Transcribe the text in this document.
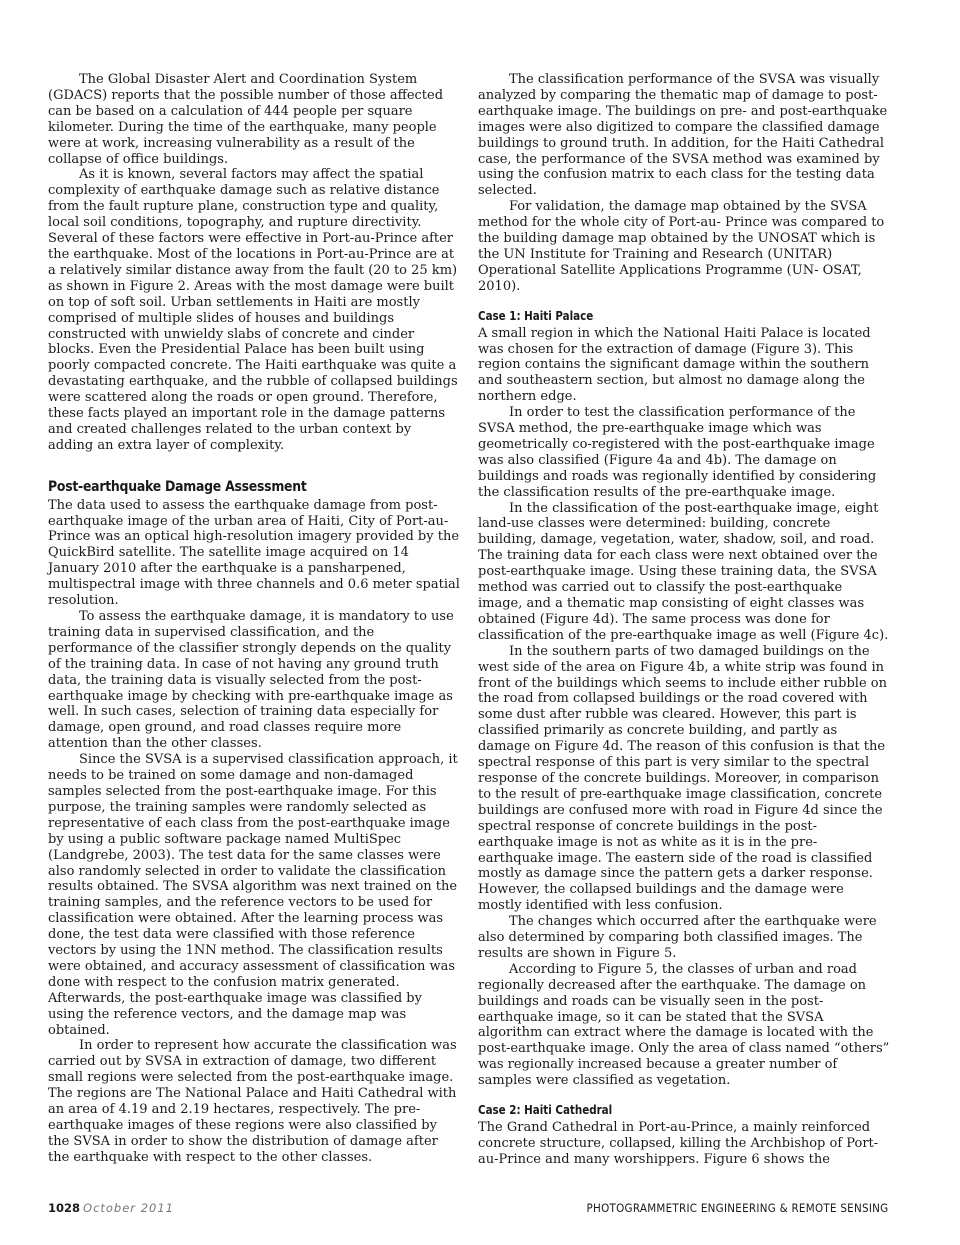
The Global Disaster Alert and Coordination System (GDACS) reports that the possible number of those affected can be based on a calculation of 444 people per square kilometer. During the time of the earthquake, many people were at work, increasing vulnerability as a result of the collapse of office buildings.

As it is known, several factors may affect the spatial complexity of earthquake damage such as relative distance from the fault rupture plane, construction type and quality, local soil conditions, topography, and rupture directivity. Several of these factors were effective in Port-au-Prince after the earthquake. Most of the locations in Port-au-Prince are at a relatively similar distance away from the fault (20 to 25 km) as shown in Figure 2. Areas with the most damage were built on top of soft soil. Urban settlements in Haiti are mostly comprised of multiple slides of houses and buildings constructed with unwieldy slabs of concrete and cinder blocks. Even the Presidential Palace has been built using poorly compacted concrete. The Haiti earthquake was quite a devastating earthquake, and the rubble of collapsed buildings were scattered along the roads or open ground. Therefore, these facts played an important role in the damage patterns and created challenges related to the urban context by adding an extra layer of complexity.

Post-earthquake Damage Assessment

The data used to assess the earthquake damage from post-earthquake image of the urban area of Haiti, City of Port-au-Prince was an optical high-resolution imagery provided by the QuickBird satellite. The satellite image acquired on 14 January 2010 after the earthquake is a pansharpened, multispectral image with three channels and 0.6 meter spatial resolution.

To assess the earthquake damage, it is mandatory to use training data in supervised classification, and the performance of the classifier strongly depends on the quality of the training data. In case of not having any ground truth data, the training data is visually selected from the post-earthquake image by checking with pre-earthquake image as well. In such cases, selection of training data especially for damage, open ground, and road classes require more attention than the other classes.

Since the SVSA is a supervised classification approach, it needs to be trained on some damage and non-damaged samples selected from the post-earthquake image. For this purpose, the training samples were randomly selected as representative of each class from the post-earthquake image by using a public software package named MultiSpec (Landgrebe, 2003). The test data for the same classes were also randomly selected in order to validate the classification results obtained. The SVSA algorithm was next trained on the training samples, and the reference vectors to be used for classification were obtained. After the learning process was done, the test data were classified with those reference vectors by using the 1NN method. The classification results were obtained, and accuracy assessment of classification was done with respect to the confusion matrix generated. Afterwards, the post-earthquake image was classified by using the reference vectors, and the damage map was obtained.

In order to represent how accurate the classification was carried out by SVSA in extraction of damage, two different small regions were selected from the post-earthquake image. The regions are The National Palace and Haiti Cathedral with an area of 4.19 and 2.19 hectares, respectively. The pre-earthquake images of these regions were also classified by the SVSA in order to show the distribution of damage after the earthquake with respect to the other classes.

The classification performance of the SVSA was visually analyzed by comparing the thematic map of damage to post-earthquake image. The buildings on pre- and post-earthquake images were also digitized to compare the classified damage buildings to ground truth. In addition, for the Haiti Cathedral case, the performance of the SVSA method was examined by using the confusion matrix to each class for the testing data selected.

For validation, the damage map obtained by the SVSA method for the whole city of Port-au- Prince was compared to the building damage map obtained by the UNOSAT which is the UN Institute for Training and Research (UNITAR) Operational Satellite Applications Programme (UN- OSAT, 2010).

Case 1: Haiti Palace

A small region in which the National Haiti Palace is located was chosen for the extraction of damage (Figure 3). This region contains the significant damage within the southern and southeastern section, but almost no damage along the northern edge.

In order to test the classification performance of the SVSA method, the pre-earthquake image which was geometrically co-registered with the post-earthquake image was also classified (Figure 4a and 4b). The damage on buildings and roads was regionally identified by considering the classification results of the pre-earthquake image.

In the classification of the post-earthquake image, eight land-use classes were determined: building, concrete building, damage, vegetation, water, shadow, soil, and road. The training data for each class were next obtained over the post-earthquake image. Using these training data, the SVSA method was carried out to classify the post-earthquake image, and a thematic map consisting of eight classes was obtained (Figure 4d). The same process was done for classification of the pre-earthquake image as well (Figure 4c).

In the southern parts of two damaged buildings on the west side of the area on Figure 4b, a white strip was found in front of the buildings which seems to include either rubble on the road from collapsed buildings or the road covered with some dust after rubble was cleared. However, this part is classified primarily as concrete building, and partly as damage on Figure 4d. The reason of this confusion is that the spectral response of this part is very similar to the spectral response of the concrete buildings. Moreover, in comparison to the result of pre-earthquake image classification, concrete buildings are confused more with road in Figure 4d since the spectral response of concrete buildings in the post-earthquake image is not as white as it is in the pre-earthquake image. The eastern side of the road is classified mostly as damage since the pattern gets a darker response. However, the collapsed buildings and the damage were mostly identified with less confusion.

The changes which occurred after the earthquake were also determined by comparing both classified images. The results are shown in Figure 5.

According to Figure 5, the classes of urban and road regionally decreased after the earthquake. The damage on buildings and roads can be visually seen in the post-earthquake image, so it can be stated that the SVSA algorithm can extract where the damage is located with the post-earthquake image. Only the area of class named “others” was regionally increased because a greater number of samples were classified as vegetation.

Case 2: Haiti Cathedral

The Grand Cathedral in Port-au-Prince, a mainly reinforced concrete structure, collapsed, killing the Archbishop of Port-au-Prince and many worshippers. Figure 6 shows the

1028 October 2011	PHOTOGRAMMETRIC ENGINEERING & REMOTE SENSING
